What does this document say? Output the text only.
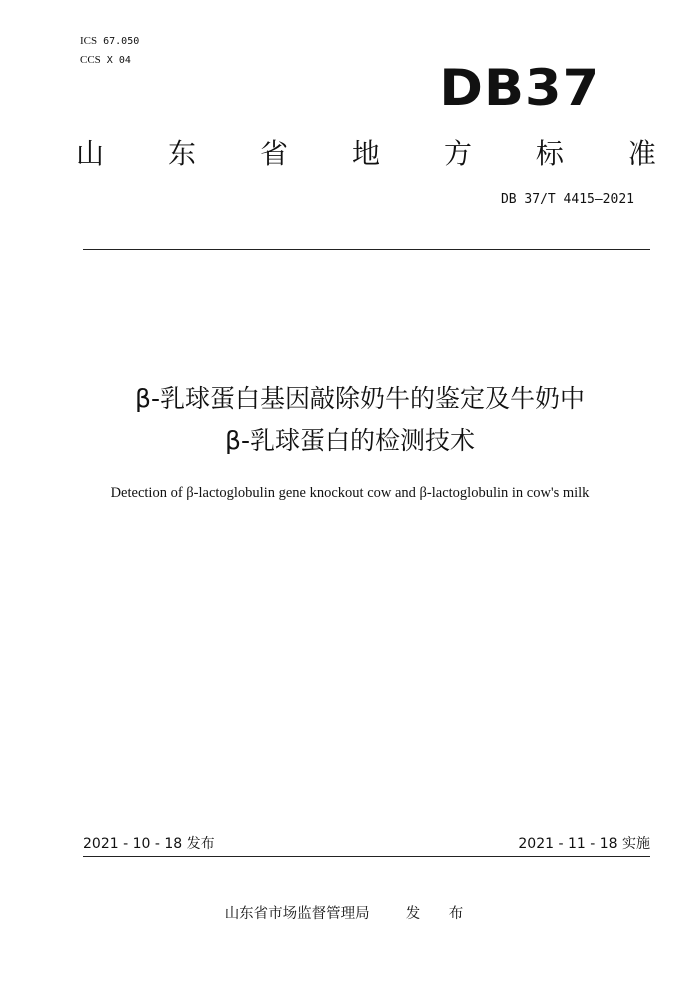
ICS 67.050
CCS X 04	DB37
山 东 省 地 方 标 准
DB 37/T 4415—2021
β-乳球蛋白基因敲除奶牛的鉴定及牛奶中
β-乳球蛋白的检测技术
Detection of β-lactoglobulin gene knockout cow and β-lactoglobulin in cow's milk
2021 - 10 - 18 发布	2021 - 11 - 18 实施
山东省市场监督管理局 发 布
